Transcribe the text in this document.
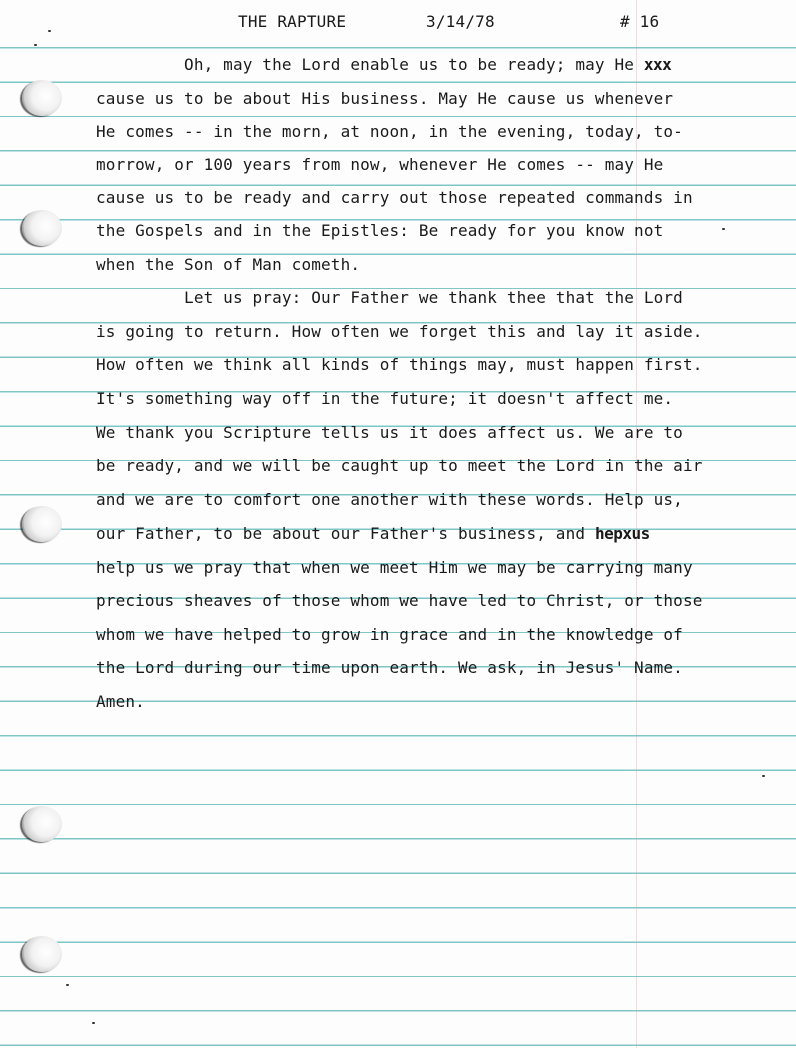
THE RAPTURE	3/14/78	# 16
Oh, may the Lord enable us to be ready; may He xxx
cause us to be about His business. May He cause us whenever
He comes -- in the morn, at noon, in the evening, today, to-
morrow, or 100 years from now, whenever He comes -- may He
cause us to be ready and carry out those repeated commands in
the Gospels and in the Epistles: Be ready for you know not
when the Son of Man cometh.
Let us pray: Our Father we thank thee that the Lord
is going to return. How often we forget this and lay it aside.
How often we think all kinds of things may, must happen first.
It's something way off in the future; it doesn't affect me.
We thank you Scripture tells us it does affect us. We are to
be ready, and we will be caught up to meet the Lord in the air
and we are to comfort one another with these words. Help us,
our Father, to be about our Father's business, and hepxus
help us we pray that when we meet Him we may be carrying many
precious sheaves of those whom we have led to Christ, or those
whom we have helped to grow in grace and in the knowledge of
the Lord during our time upon earth. We ask, in Jesus' Name.
Amen.
